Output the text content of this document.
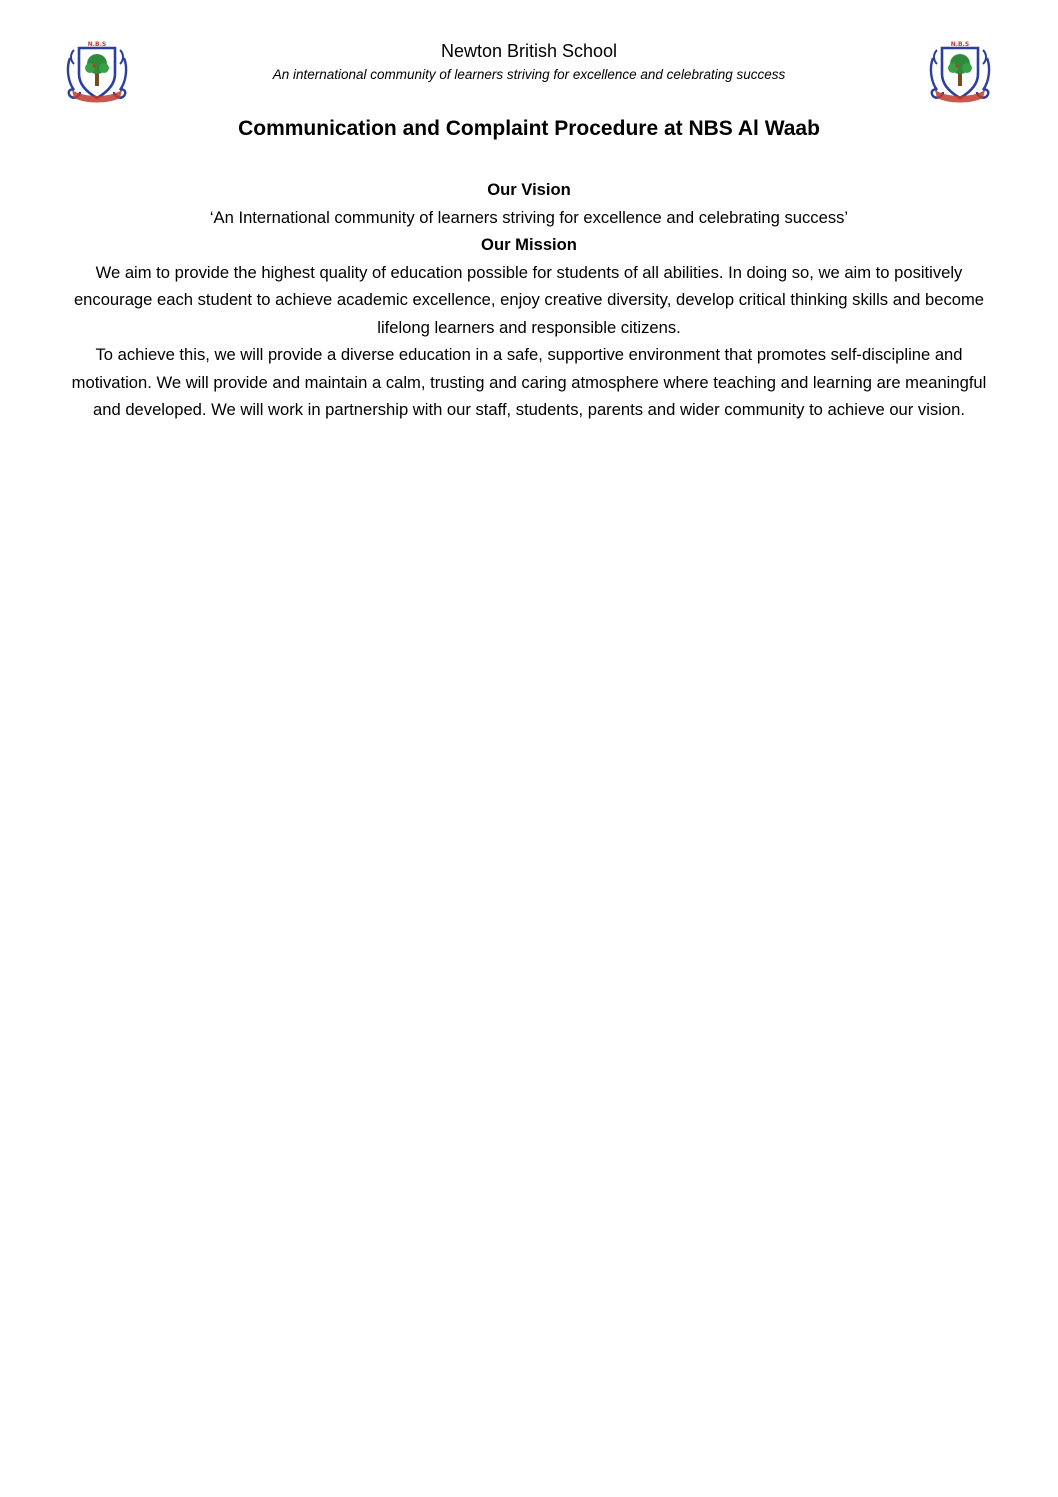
N.B.S	N.B.S
Newton British School
An international community of learners striving for excellence and celebrating success
Communication and Complaint Procedure at NBS Al Waab

Our Vision

‘An International community of learners striving for excellence and celebrating success’

Our Mission

We aim to provide the highest quality of education possible for students of all abilities. In doing so, we aim to positively encourage each student to achieve academic excellence, enjoy creative diversity, develop critical thinking skills and become lifelong learners and responsible citizens.

To achieve this, we will provide a diverse education in a safe, supportive environment that promotes self-discipline and motivation. We will provide and maintain a calm, trusting and caring atmosphere where teaching and learning are meaningful and developed. We will work in partnership with our staff, students, parents and wider community to achieve our vision.
